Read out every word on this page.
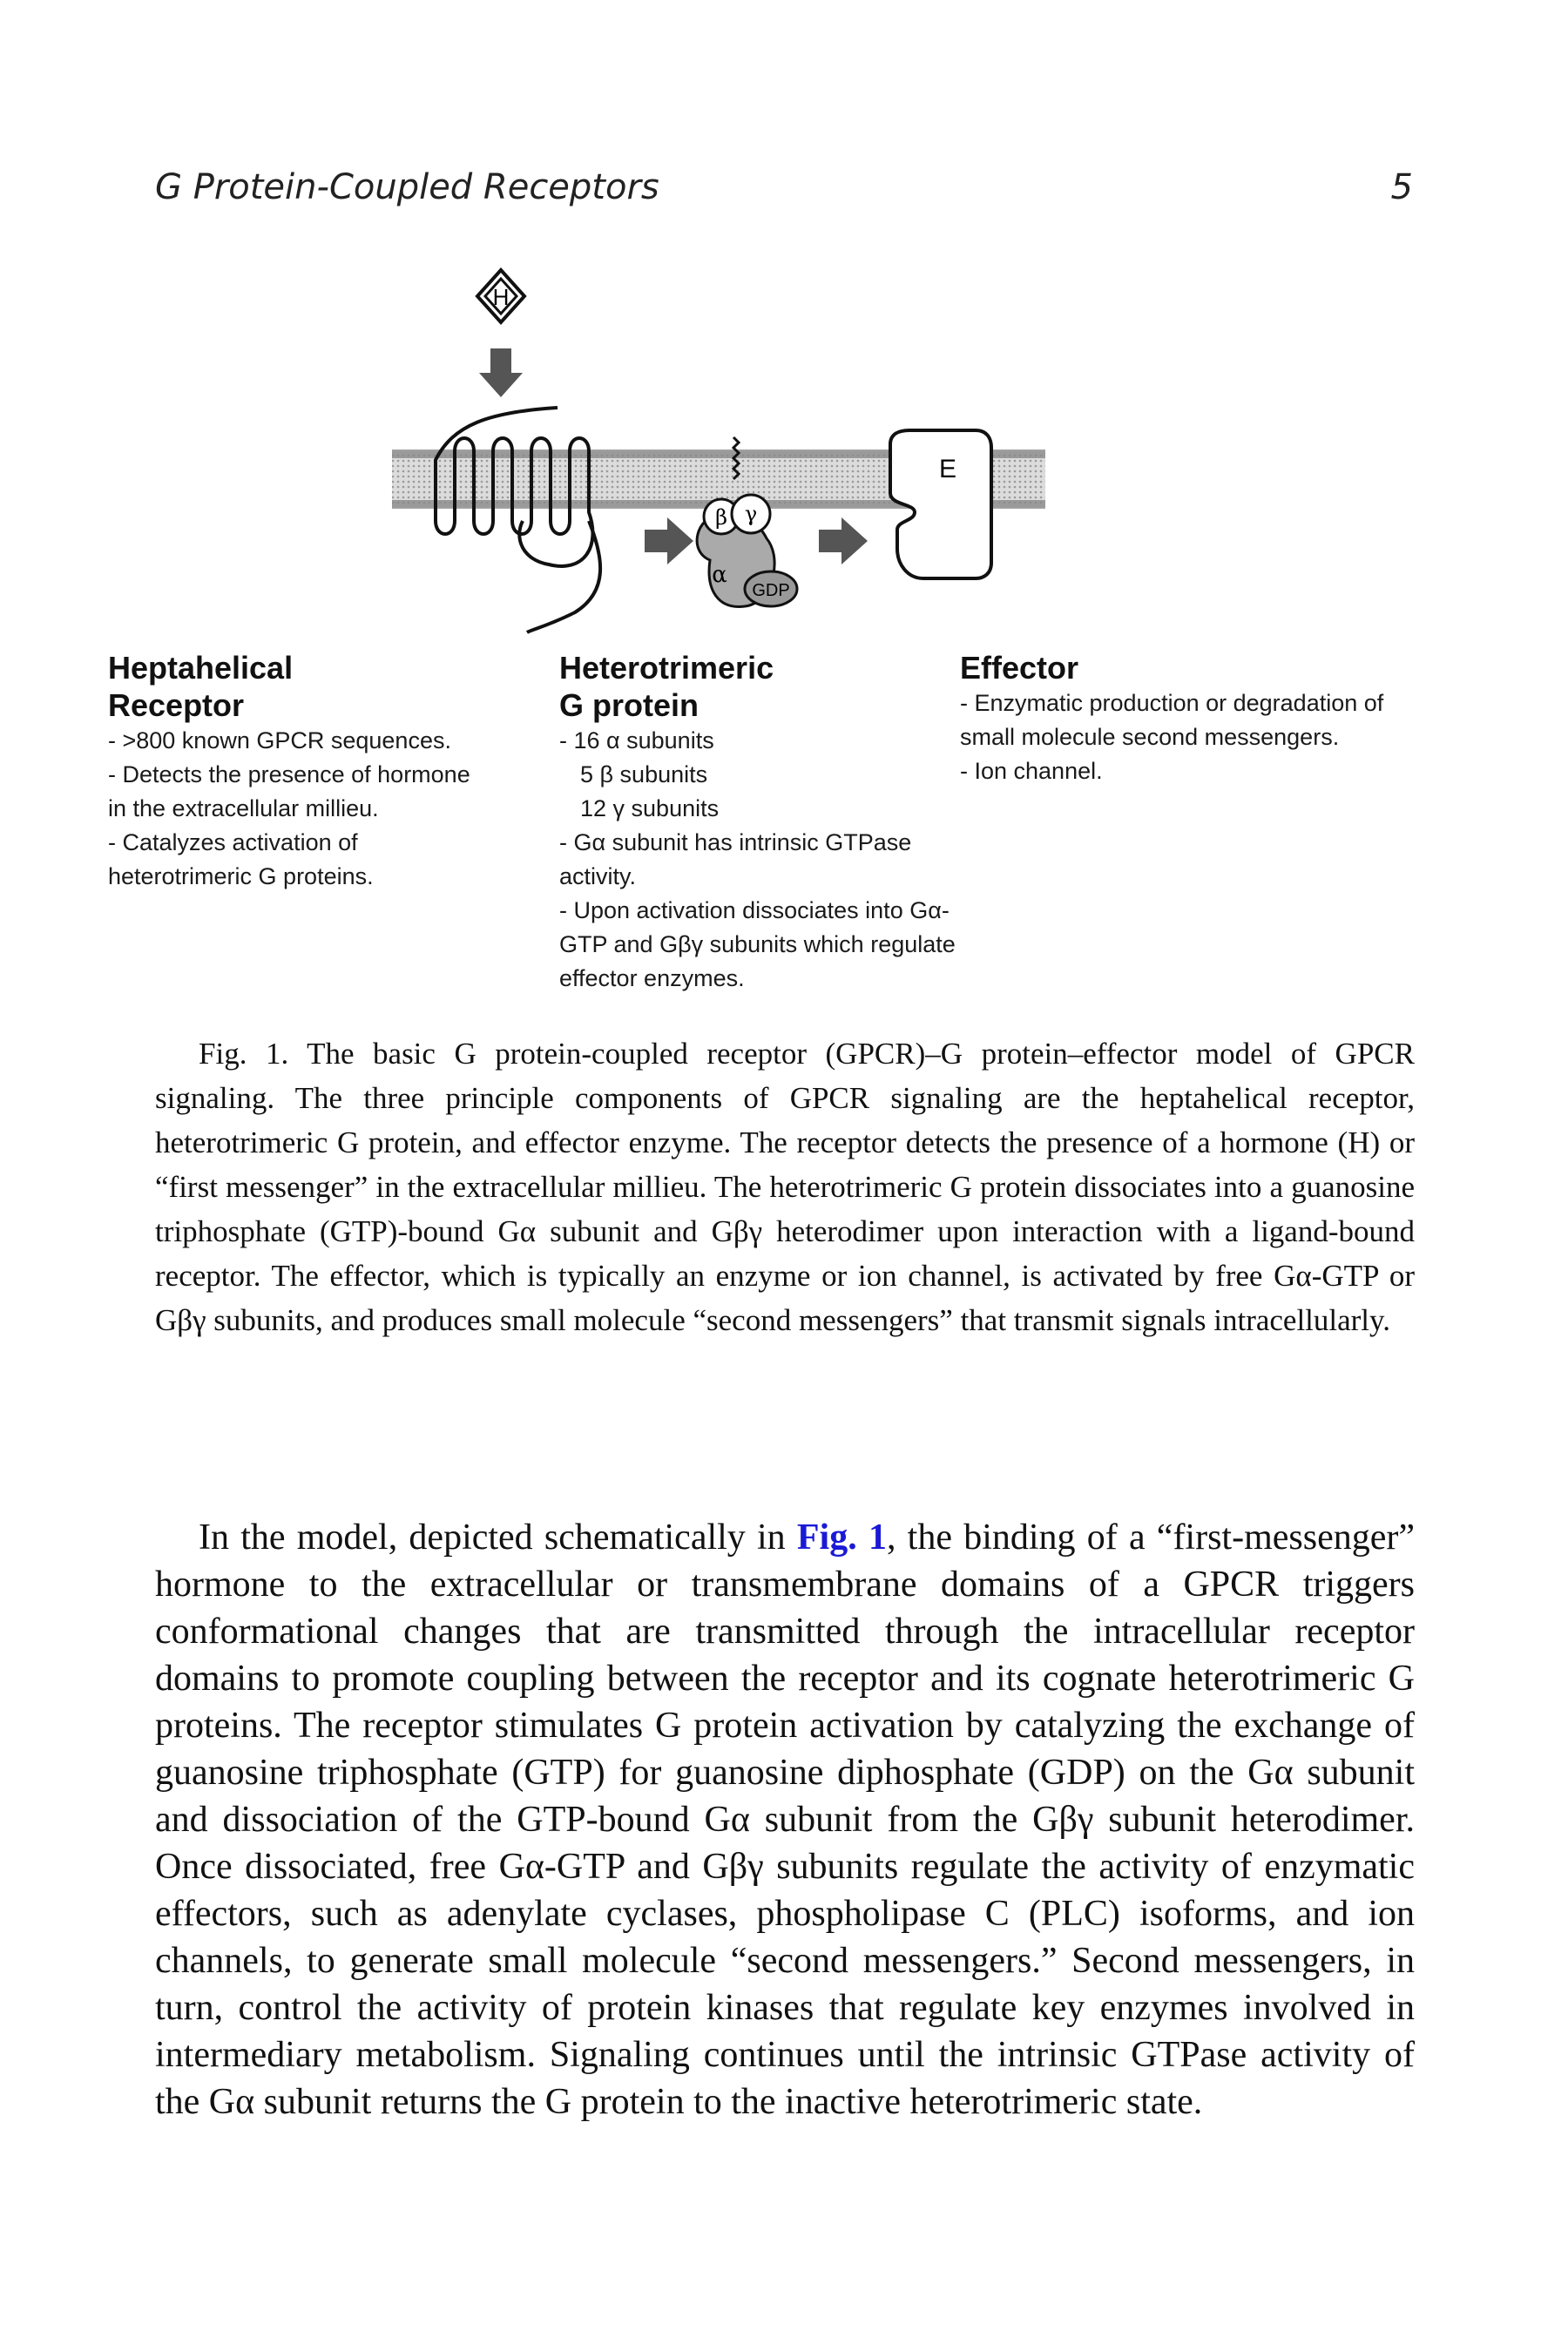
G Protein-Coupled Receptors	5
H
β γ
α
GDP
E
Heptahelical
Receptor
- >800 known GPCR sequences.
- Detects the presence of hormone
in the extracellular millieu.
- Catalyzes activation of
heterotrimeric G proteins.
Heterotrimeric
G protein
- 16 α subunits
5 β subunits
12 γ subunits
- Gα subunit has intrinsic GTPase
activity.
- Upon activation dissociates into Gα-
GTP and Gβγ subunits which regulate
effector enzymes.
Effector
- Enzymatic production or degradation of
small molecule second messengers.
- Ion channel.
Fig. 1. The basic G protein-coupled receptor (GPCR)–G protein–effector model of GPCR signaling. The three principle components of GPCR signaling are the heptahelical receptor, heterotrimeric G protein, and effector enzyme. The receptor detects the presence of a hormone (H) or “first messenger” in the extracellular millieu. The heterotrimeric G protein dissociates into a guanosine triphosphate (GTP)-bound Gα subunit and Gβγ heterodimer upon interaction with a ligand-bound receptor. The effector, which is typically an enzyme or ion channel, is activated by free Gα-GTP or Gβγ subunits, and produces small molecule “second messengers” that transmit signals intracellularly.

In the model, depicted schematically in Fig. 1, the binding of a “first-messenger” hormone to the extracellular or transmembrane domains of a GPCR triggers conformational changes that are transmitted through the intracellular receptor domains to promote coupling between the receptor and its cognate heterotrimeric G proteins. The receptor stimulates G protein activation by catalyzing the exchange of guanosine triphosphate (GTP) for guanosine diphosphate (GDP) on the Gα subunit and dissociation of the GTP-bound Gα subunit from the Gβγ subunit heterodimer. Once dissociated, free Gα-GTP and Gβγ subunits regulate the activity of enzymatic effectors, such as adenylate cyclases, phospholipase C (PLC) isoforms, and ion channels, to generate small molecule “second messengers.” Second messengers, in turn, control the activity of protein kinases that regulate key enzymes involved in intermediary metabolism. Signaling continues until the intrinsic GTPase activity of the Gα subunit returns the G protein to the inactive heterotrimeric state.
